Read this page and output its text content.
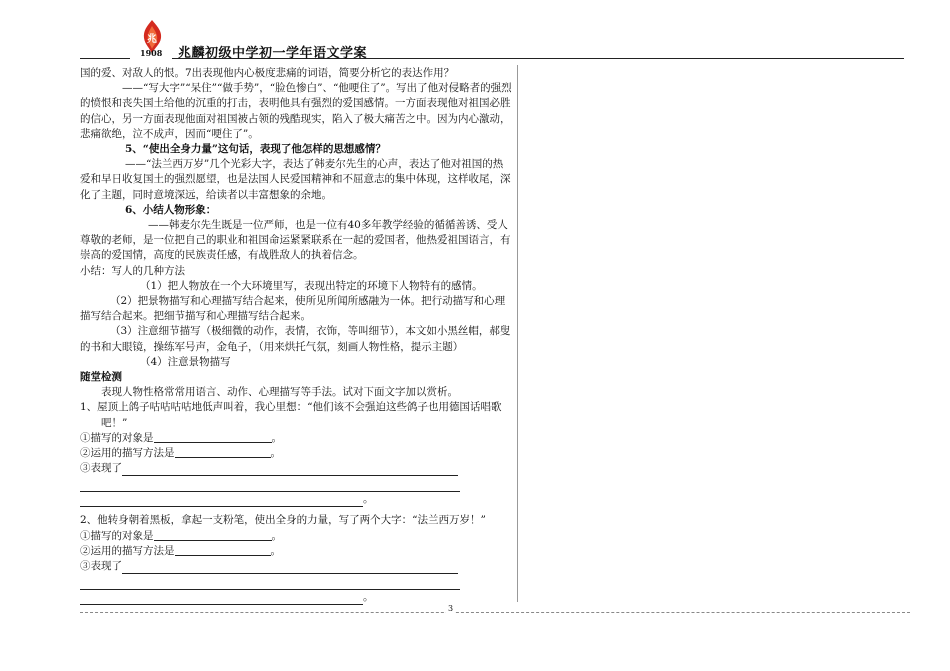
兆
1908 兆麟初级中学初一学年语文学案

国的爱、对敌人的恨。7出表现他内心极度悲痛的词语，简要分析它的表达作用？

——“写大字”“呆住”“做手势”，“脸色惨白”、“他哽住了”。写出了他对侵略者的强烈的愤恨和丧失国土给他的沉重的打击，表明他具有强烈的爱国感情。一方面表现他对祖国必胜的信心，另一方面表现他面对祖国被占领的残酷现实，陷入了极大痛苦之中。因为内心激动，悲痛欲绝，泣不成声，因而“哽住了”。

5、“使出全身力量”这句话，表现了他怎样的思想感情？

——“法兰西万岁”几个光彩大字，表达了韩麦尔先生的心声，表达了他对祖国的热爱和早日收复国土的强烈愿望，也是法国人民爱国精神和不屈意志的集中体现，这样收尾，深化了主题，同时意境深远，给读者以丰富想象的余地。

6、小结人物形象：

——韩麦尔先生既是一位严师，也是一位有40多年教学经验的循循善诱、受人尊敬的老师，是一位把自己的职业和祖国命运紧紧联系在一起的爱国者，他热爱祖国语言，有崇高的爱国情，高度的民族责任感，有战胜敌人的执着信念。

小结：写人的几种方法

（1）把人物放在一个大环境里写，表现出特定的环境下人物特有的感情。

（2）把景物描写和心理描写结合起来，使所见所闻所感融为一体。把行动描写和心理描写结合起来。把细节描写和心理描写结合起来。

（3）注意细节描写（极细微的动作，表情，衣饰，等叫细节），本文如小黑丝帽，郝叟的书和大眼镜，操练军号声，金龟子，（用来烘托气氛，刻画人物性格，提示主题）

（4）注意景物描写

随堂检测

表现人物性格常常用语言、动作、心理描写等手法。试对下面文字加以赏析。

1、屋顶上鸽子咕咕咕咕地低声叫着，我心里想：“他们该不会强迫这些鸽子也用德国话唱歌吧！”

①描写的对象是	。

②运用的描写方法是	。

③表现了

。

2、他转身朝着黑板，拿起一支粉笔，使出全身的力量，写了两个大字：“法兰西万岁！”

①描写的对象是	。

②运用的描写方法是	。

③表现了

。
3
